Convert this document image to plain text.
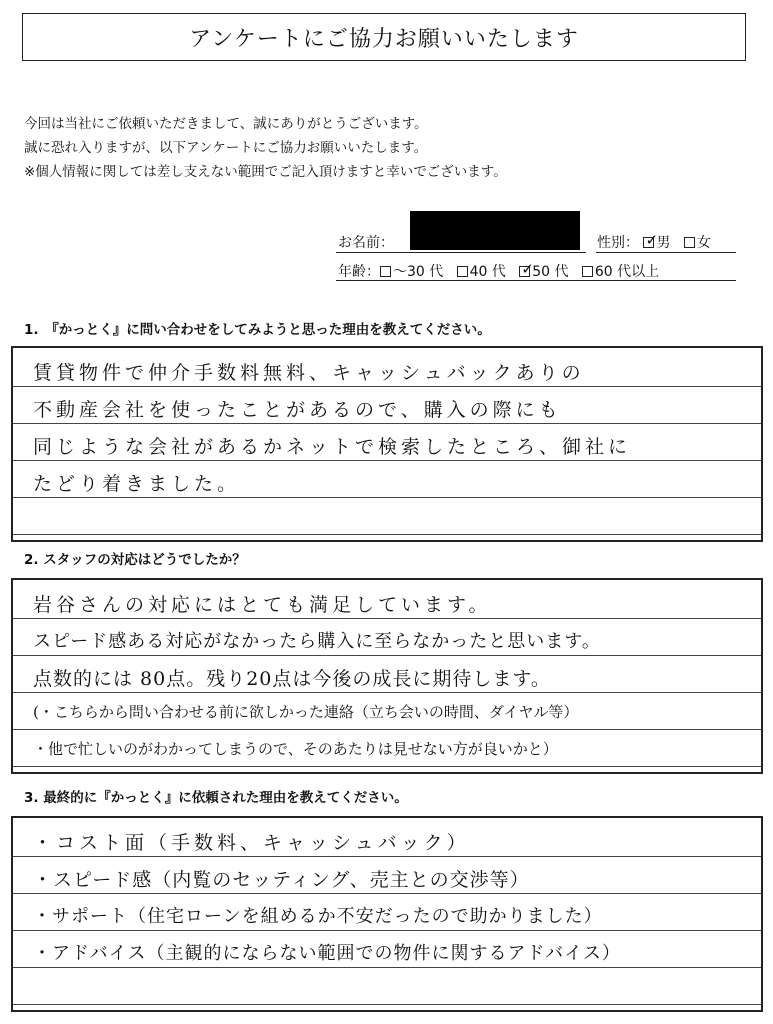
アンケートにご協力お願いいたします
今回は当社にご依頼いただきまして、誠にありがとうございます。
誠に恐れ入りますが、以下アンケートにご協力お願いいたします。
※個人情報に関しては差し支えない範囲でご記入頂けますと幸いでございます。
お名前：	性別： ✓ 男 女
年齢： ～30 代 40 代 ✓ 50 代 60 代以上
1.　『かっとく』に問い合わせをしてみようと思った理由を教えてください。
賃貸物件で仲介手数料無料、キャッシュバックありの
不動産会社を使ったことがあるので、購入の際にも
同じような会社があるかネットで検索したところ、御社に
たどり着きました。
2. スタッフの対応はどうでしたか？
岩谷さんの対応にはとても満足しています。
スピード感ある対応がなかったら購入に至らなかったと思います。
点数的には 80点。残り20点は今後の成長に期待します。
(・こちらから問い合わせる前に欲しかった連絡（立ち会いの時間、ダイヤル等）
・他で忙しいのがわかってしまうので、そのあたりは見せない方が良いかと）
3. 最終的に『かっとく』に依頼された理由を教えてください。
・コスト面（手数料、キャッシュバック）
・スピード感（内覧のセッティング、売主との交渉等）
・サポート（住宅ローンを組めるか不安だったので助かりました）
・アドバイス（主観的にならない範囲での物件に関するアドバイス）
